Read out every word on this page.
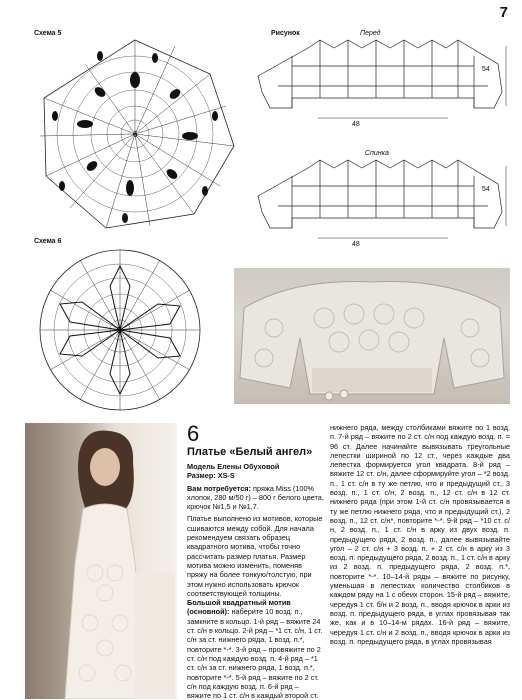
7
Схема 5
6
Схема 6
5
Рисунок	Перед
54
48
Спинка
54
48
6
Платье «Белый ангел»

Модель Елены Обуховой

Размер: XS-S

Вам потребуется: пряжа Miss (100% хлопок, 280 м/50 г) – 800 г белого цвета, крючок №1,5 и №1,7.

Платье выполнено из мотивов, которые сшиваются между собой. Для начала рекомендуем связать образец квадратного мотива, чтобы точно рассчитать размер платья. Размер мотива можно изменить, поменяв пряжу на более тонкую/толстую, при этом нужно использовать крючок соответствующей толщины.

Большой квадратный мотив (основной): наберите 10 возд. п., замкните в кольцо. 1-й ряд – вяжите 24 ст. с/н в кольцо. 2-й ряд – *1 ст. с/н, 1 ст. с/н за ст. нижнего ряда, 1 возд. п.*, повторите *-*. 3-й ряд – провяжите по 2 ст. с/н под каждую возд. п. 4-й ряд – *1 ст. с/н за ст. нижнего ряда, 1 возд. п.*, повторите *-*. 5-й ряд – вяжите по 2 ст. с/н под каждую возд. п. 6-й ряд – вяжите по 1 ст. с/н в каждый второй ст.

нижнего ряда, между столбиками вяжите по 1 возд. п. 7-й ряд – вяжите по 2 ст. с/н под каждую возд. п. = 96 ст. Далее начинайте вывязывать треугольные лепестки шириной по 12 ст., через каждые два лепестка формируется угол квадрата. 8-й ряд – вяжите 12 ст. с/н, далее сформируйте угол – *2 возд. п., 1 ст. с/н в ту же петлю, что и предыдущий ст., 3 возд. п., 1 ст. с/н, 2 возд. п., 12 ст. с/н в 12 ст. нижнего ряда (при этом 1-й ст. с/н провязывается в ту же петлю нижнего ряда, что и предыдущий ст.), 2 возд. п., 12 ст. с/н*, повторите *-*. 9-й ряд – *10 ст. с/н, 2 возд. п., 1 ст. с/н в арку из двух возд. п. предыдущего ряда, 2 возд. п., далее вывязывайте угол – 2 ст. с/н + 3 возд. п. + 2 ст. с/н в арку из 3 возд. п. предыдущего ряда, 2 возд. п., 1 ст. с/н в арку из 2 возд. п. предыдущего ряда, 2 возд. п.*, повторите *-*. 10–14-й ряды – вяжите по рисунку, уменьшая в лепестках количество столбиков в каждом ряду на 1 с обеих сторон. 15-й ряд – вяжите, чередуя 1 ст. б/н и 2 возд. п., вводя крючок в арки из возд. п. предыдущего ряда, в углах провязывая так же, как и в 10–14-м рядах. 16-й ряд – вяжите, чередуя 1 ст. с/н и 2 возд. п., вводя крючок в арки из возд. п. предыдущего ряда, в углах провязывая
